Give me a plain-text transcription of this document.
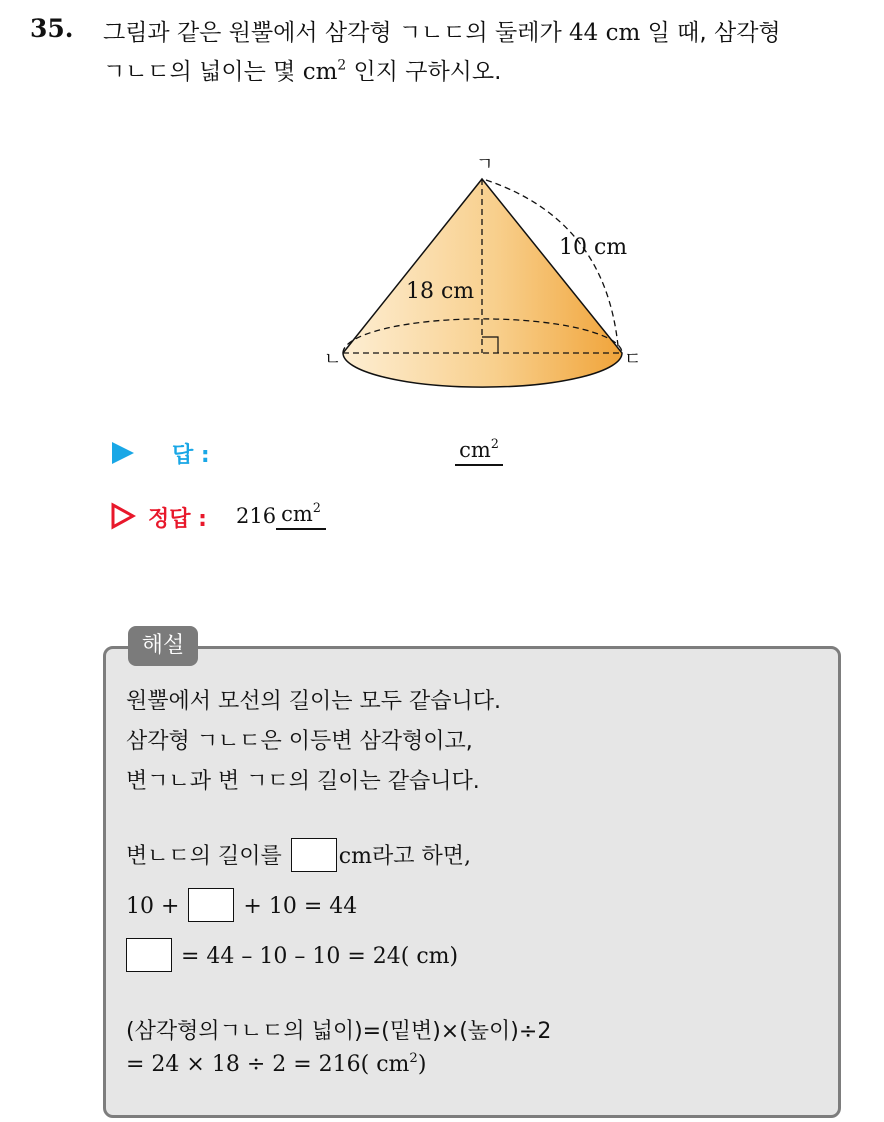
35. 그림과 같은 원뿔에서 삼각형 ㄱㄴㄷ의 둘레가 44 cm 일 때, 삼각형
ㄱㄴㄷ의 넓이는 몇 $cm^2$ 인지 구하시오.
ㄱ
ㄴ	ㄷ
18 cm
10 cm
답 :	$cm^2$
정답 : 216 $cm^2$
해설
원뿔에서 모선의 길이는 모두 같습니다.
삼각형 ㄱㄴㄷ은 이등변 삼각형이고,
변ㄱㄴ과 변 ㄱㄷ의 길이는 같습니다.
변ㄴㄷ의 길이를 cm라고 하면,
10 +  + 10 = 44
= 44 – 10 – 10 = 24( cm)
(삼각형의ㄱㄴㄷ의 넓이)=(밑변)×(높이)÷2
= 24 × 18 ÷ 2 = 216( $cm^2$)
